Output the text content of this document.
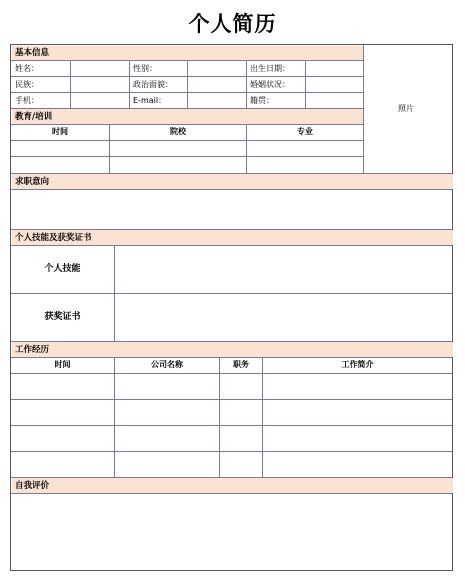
个人简历
基本信息
照片
姓名：	性别：	出生日期：
民族：	政治面貌：	婚姻状况：
手机：	E-mail：	籍贯：
教育/培训
时间	院校	专业
求职意向
个人技能及获奖证书
个人技能
获奖证书
工作经历
时间	公司名称	职务	工作简介
自我评价
